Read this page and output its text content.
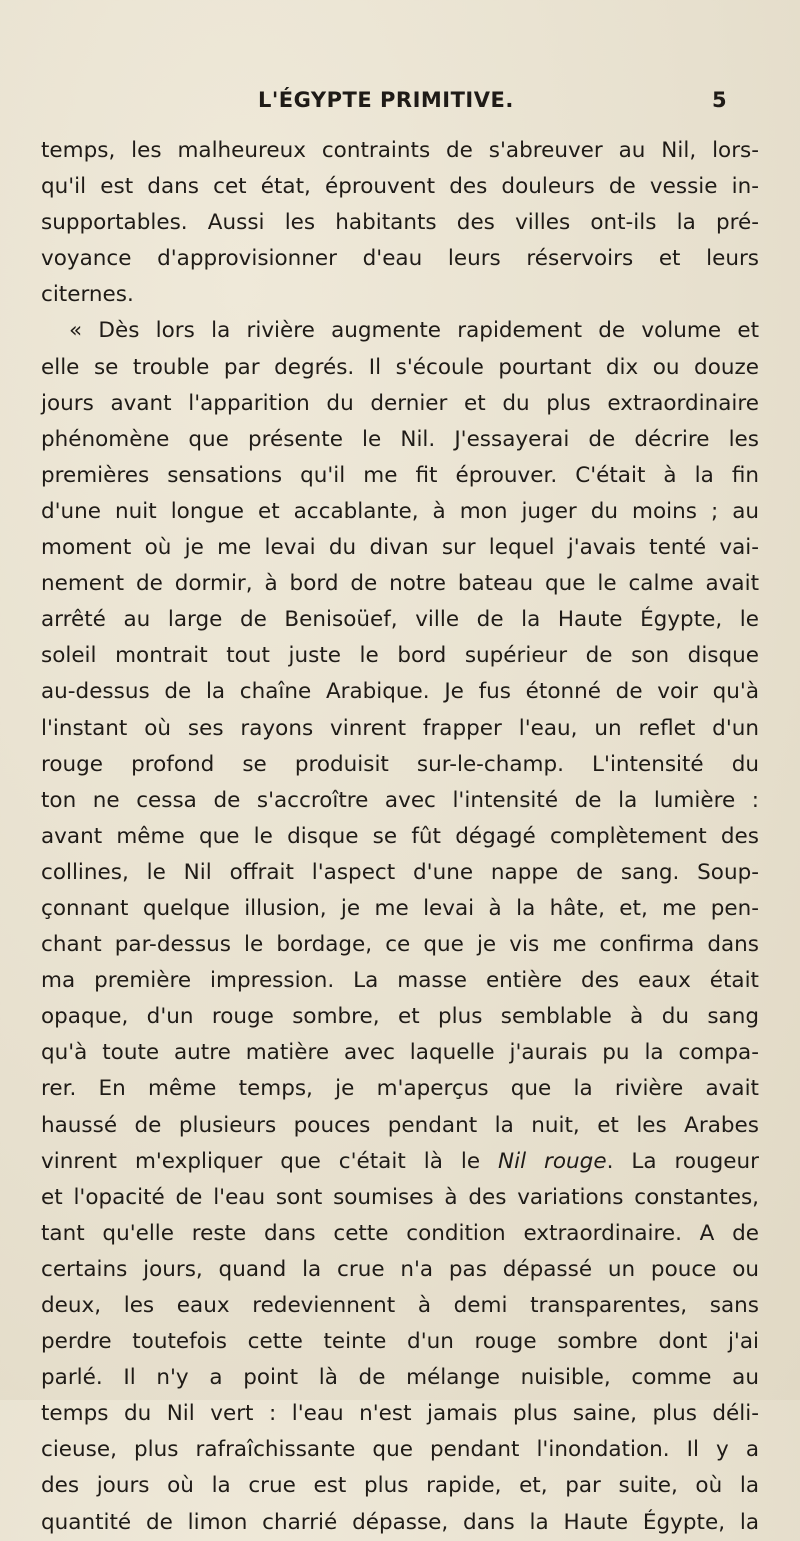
L'ÉGYPTE PRIMITIVE.	5
temps, les malheureux contraints de s'abreuver au Nil, lors-
qu'il est dans cet état, éprouvent des douleurs de vessie in-
supportables. Aussi les habitants des villes ont-ils la pré-
voyance d'approvisionner d'eau leurs réservoirs et leurs
citernes.
« Dès lors la rivière augmente rapidement de volume et
elle se trouble par degrés. Il s'écoule pourtant dix ou douze
jours avant l'apparition du dernier et du plus extraordinaire
phénomène que présente le Nil. J'essayerai de décrire les
premières sensations qu'il me fit éprouver. C'était à la fin
d'une nuit longue et accablante, à mon juger du moins ; au
moment où je me levai du divan sur lequel j'avais tenté vai-
nement de dormir, à bord de notre bateau que le calme avait
arrêté au large de Benisoüef, ville de la Haute Égypte, le
soleil montrait tout juste le bord supérieur de son disque
au-dessus de la chaîne Arabique. Je fus étonné de voir qu'à
l'instant où ses rayons vinrent frapper l'eau, un reflet d'un
rouge profond se produisit sur-le-champ. L'intensité du
ton ne cessa de s'accroître avec l'intensité de la lumière :
avant même que le disque se fût dégagé complètement des
collines, le Nil offrait l'aspect d'une nappe de sang. Soup-
çonnant quelque illusion, je me levai à la hâte, et, me pen-
chant par-dessus le bordage, ce que je vis me confirma dans
ma première impression. La masse entière des eaux était
opaque, d'un rouge sombre, et plus semblable à du sang
qu'à toute autre matière avec laquelle j'aurais pu la compa-
rer. En même temps, je m'aperçus que la rivière avait
haussé de plusieurs pouces pendant la nuit, et les Arabes
vinrent m'expliquer que c'était là le Nil rouge. La rougeur
et l'opacité de l'eau sont soumises à des variations constantes,
tant qu'elle reste dans cette condition extraordinaire. A de
certains jours, quand la crue n'a pas dépassé un pouce ou
deux, les eaux redeviennent à demi transparentes, sans
perdre toutefois cette teinte d'un rouge sombre dont j'ai
parlé. Il n'y a point là de mélange nuisible, comme au
temps du Nil vert : l'eau n'est jamais plus saine, plus déli-
cieuse, plus rafraîchissante que pendant l'inondation. Il y a
des jours où la crue est plus rapide, et, par suite, où la
quantité de limon charrié dépasse, dans la Haute Égypte, la
